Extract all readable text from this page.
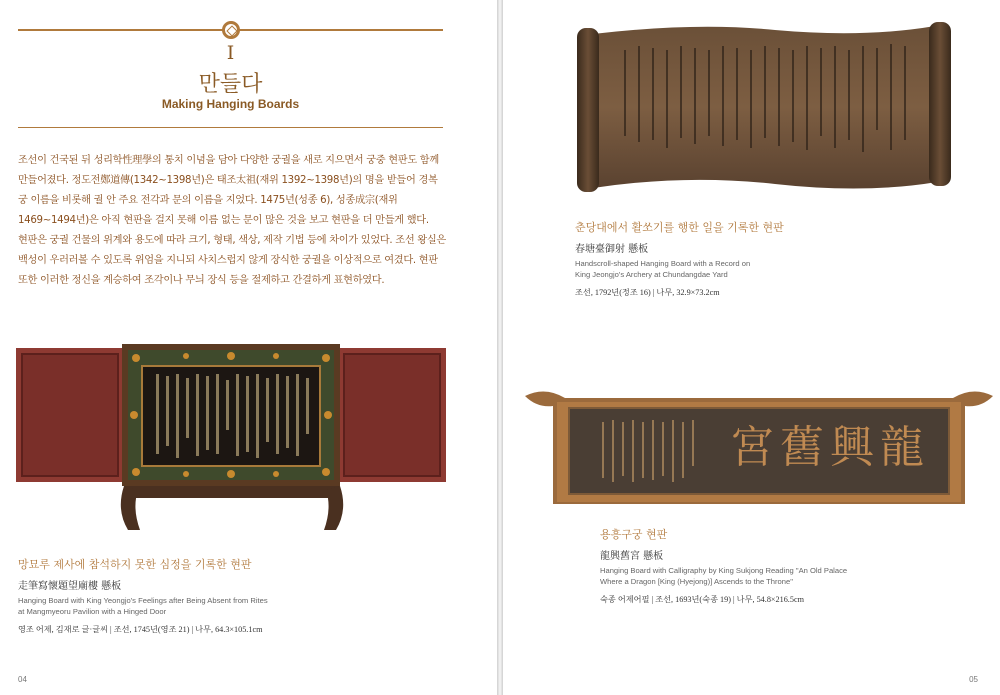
I
만들다
Making Hanging Boards

조선이 건국된 뒤 성리학性理學의 통치 이념을 담아 다양한 궁궐을 새로 지으면서 궁중 현판도 함께 만들어졌다. 정도전鄭道傳(1342~1398년)은 태조太祖(재위 1392~1398년)의 명을 받들어 경복궁 이름을 비롯해 궐 안 주요 전각과 문의 이름을 지었다. 1475년(성종 6), 성종成宗(재위 1469~1494년)은 아직 현판을 걸지 못해 이름 없는 문이 많은 것을 보고 현판을 더 만들게 했다.

현판은 궁궐 건물의 위계와 용도에 따라 크기, 형태, 색상, 제작 기법 등에 차이가 있었다. 조선 왕실은 백성이 우러러볼 수 있도록 위엄을 지니되 사치스럽지 않게 장식한 궁궐을 이상적으로 여겼다. 현판 또한 이러한 정신을 계승하여 조각이나 무늬 장식 등을 절제하고 간결하게 표현하였다.

망묘루 제사에 참석하지 못한 심정을 기록한 현판
走筆寫懷題望廟樓 懸板
Hanging Board with King Yeongjo's Feelings after Being Absent from Rites
at Mangmyeoru Pavilion with a Hinged Door
영조 어제, 김재로 글·글씨 | 조선, 1745년(영조 21) | 나무, 64.3×105.1cm
04
춘당대에서 활쏘기를 행한 일을 기록한 현판
春塘臺御射 懸板
Handscroll-shaped Hanging Board with a Record on
King Jeongjo's Archery at Chundangdae Yard
조선, 1792년(정조 16) | 나무, 32.9×73.2cm
龍興舊宮
용흥구궁 현판
龍興舊宮 懸板
Hanging Board with Calligraphy by King Sukjong Reading "An Old Palace
Where a Dragon [King (Hyejong)] Ascends to the Throne"
숙종 어제어필 | 조선, 1693년(숙종 19) | 나무, 54.8×216.5cm
05
